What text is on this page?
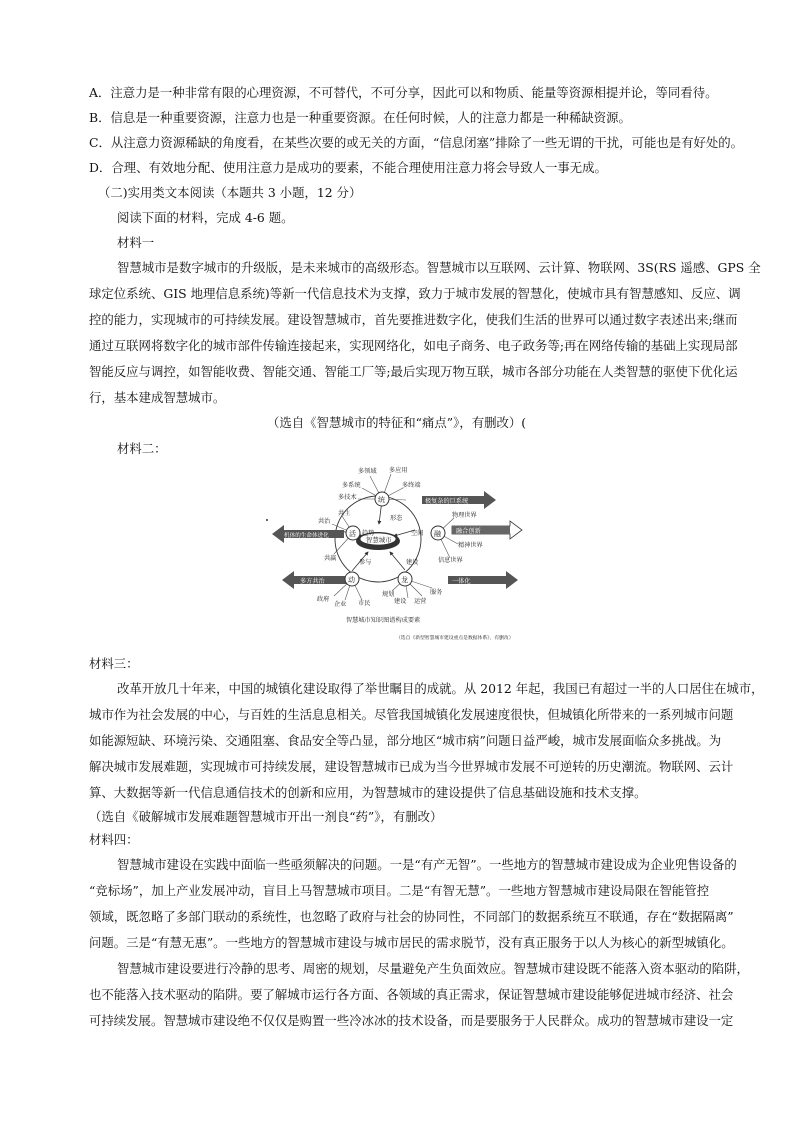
A．注意力是一种非常有限的心理资源，不可替代，不可分享，因此可以和物质、能量等资源相提并论，等同看待。
B．信息是一种重要资源，注意力也是一种重要资源。在任何时候，人的注意力都是一种稀缺资源。
C．从注意力资源稀缺的角度看，在某些次要的或无关的方面，“信息闭塞”排除了一些无谓的干扰，可能也是有好处的。
D．合理、有效地分配、使用注意力是成功的要素，不能合理使用注意力将会导致人一事无成。
（二)实用类文本阅读（本题共 3 小题，12 分）
阅读下面的材料，完成 4-6 题。
材料一
智慧城市是数字城市的升级版，是未来城市的高级形态。智慧城市以互联网、云计算、物联网、3S(RS 遥感、GPS 全
球定位系统、GIS 地理信息系统)等新一代信息技术为支撑，致力于城市发展的智慧化，使城市具有智慧感知、反应、调
控的能力，实现城市的可持续发展。建设智慧城市，首先要推进数字化，使我们生活的世界可以通过数字表述出来;继而
通过互联网将数字化的城市部件传输连接起来，实现网络化，如电子商务、电子政务等;再在网络传输的基础上实现局部
智能反应与调控，如智能收费、智能交通、智能工厂等;最后实现万物互联，城市各部分功能在人类智慧的驱使下优化运
行，基本建成智慧城市。
（选自《智慧城市的特征和“痛点”》，有删改）(
材料二：
极复杂的巨系统
融合创新
一体化
多方共治
机体的生命体进化	智慧城市
统
融
龙
动
活
多领域 多应用
多系统	多终端
多技术
形态
空间
趋势
建设
参与
物理世界
精神世界
信息世界
共生
共治
共赢
规划
建设 运营
服务
政府
企业 市民
智慧城市知识图谱构成要素
（选自《新型智慧城市建设重点是数据体系》，有删改）
材料三：
改革开放几十年来，中国的城镇化建设取得了举世瞩目的成就。从 2012 年起，我国已有超过一半的人口居住在城市，
城市作为社会发展的中心，与百姓的生活息息相关。尽管我国城镇化发展速度很快，但城镇化所带来的一系列城市问题
如能源短缺、环境污染、交通阻塞、食品安全等凸显，部分地区“城市病”问题日益严峻，城市发展面临众多挑战。为
解决城市发展难题，实现城市可持续发展，建设智慧城市已成为当今世界城市发展不可逆转的历史潮流。物联网、云计
算、大数据等新一代信息通信技术的创新和应用，为智慧城市的建设提供了信息基础设施和技术支撑。
（选自《破解城市发展难题智慧城市开出一剂良“药”》，有删改）
材料四：
智慧城市建设在实践中面临一些亟须解决的问题。一是“有产无智”。一些地方的智慧城市建设成为企业兜售设备的
“竞标场”，加上产业发展冲动，盲目上马智慧城市项目。二是“有智无慧”。一些地方智慧城市建设局限在智能管控
领域，既忽略了多部门联动的系统性，也忽略了政府与社会的协同性，不同部门的数据系统互不联通，存在“数据隔离”
问题。三是“有慧无惠”。一些地方的智慧城市建设与城市居民的需求脱节，没有真正服务于以人为核心的新型城镇化。
智慧城市建设要进行冷静的思考、周密的规划，尽量避免产生负面效应。智慧城市建设既不能落入资本驱动的陷阱，
也不能落入技术驱动的陷阱。要了解城市运行各方面、各领域的真正需求，保证智慧城市建设能够促进城市经济、社会
可持续发展。智慧城市建设绝不仅仅是购置一些冷冰冰的技术设备，而是要服务于人民群众。成功的智慧城市建设一定
